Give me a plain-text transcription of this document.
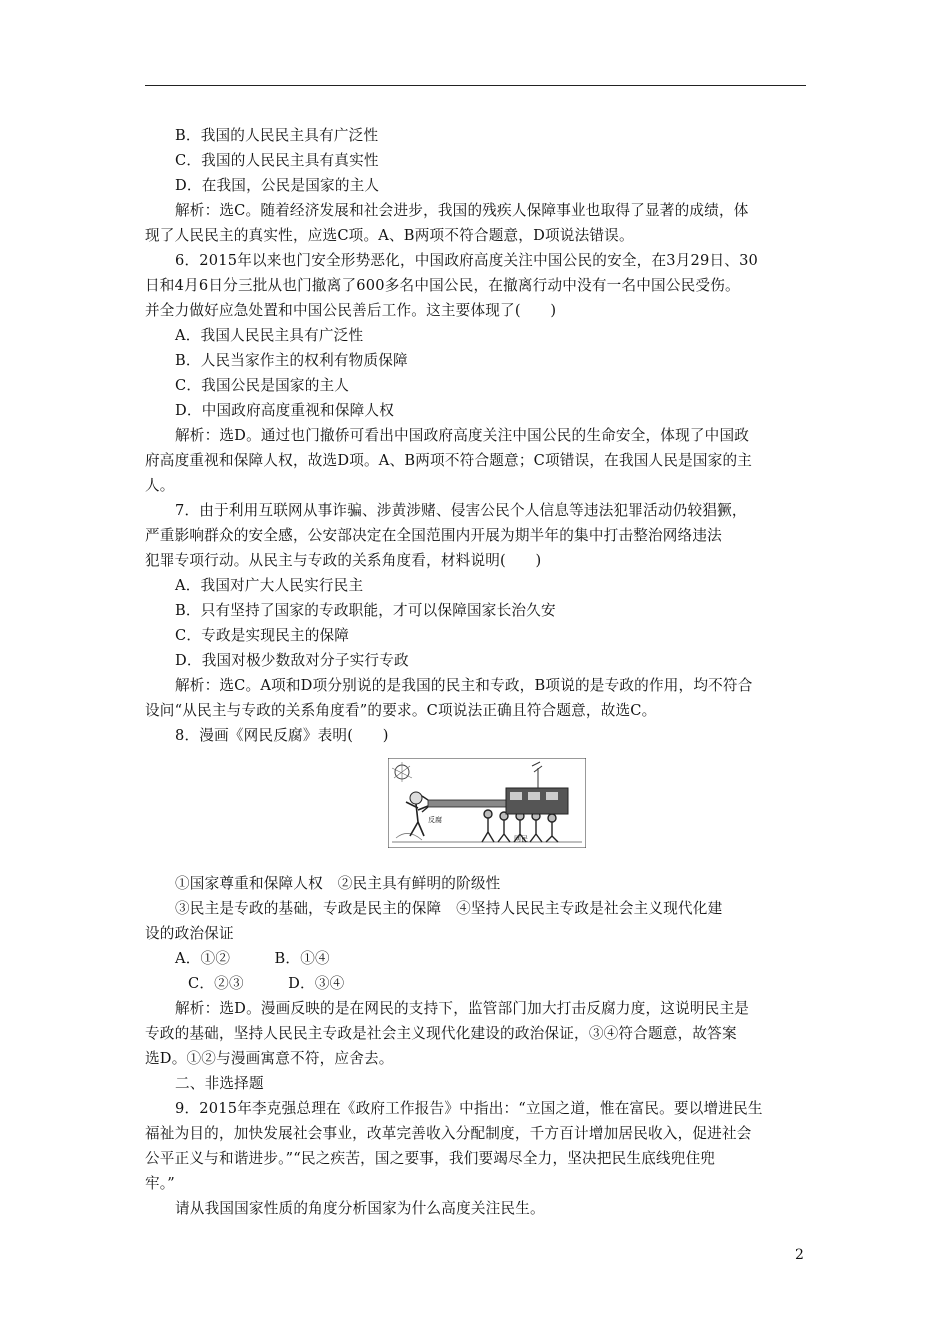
B．我国的人民民主具有广泛性
C．我国的人民民主具有真实性
D．在我国，公民是国家的主人
解析：选C。随着经济发展和社会进步，我国的残疾人保障事业也取得了显著的成绩，体
现了人民民主的真实性，应选C项。A、B两项不符合题意，D项说法错误。
6．2015年以来也门安全形势恶化，中国政府高度关注中国公民的安全，在3月29日、30
日和4月6日分三批从也门撤离了600多名中国公民，在撤离行动中没有一名中国公民受伤。
并全力做好应急处置和中国公民善后工作。这主要体现了(　　)
A．我国人民民主具有广泛性
B．人民当家作主的权利有物质保障
C．我国公民是国家的主人
D．中国政府高度重视和保障人权
解析：选D。通过也门撤侨可看出中国政府高度关注中国公民的生命安全，体现了中国政
府高度重视和保障人权，故选D项。A、B两项不符合题意；C项错误，在我国人民是国家的主
人。
7．由于利用互联网从事诈骗、涉黄涉赌、侵害公民个人信息等违法犯罪活动仍较猖獗，
严重影响群众的安全感，公安部决定在全国范围内开展为期半年的集中打击整治网络违法
犯罪专项行动。从民主与专政的关系角度看，材料说明(　　)
A．我国对广大人民实行民主
B．只有坚持了国家的专政职能，才可以保障国家长治久安
C．专政是实现民主的保障
D．我国对极少数敌对分子实行专政
解析：选C。A项和D项分别说的是我国的民主和专政，B项说的是专政的作用，均不符合
设问“从民主与专政的关系角度看”的要求。C项说法正确且符合题意，故选C。
8．漫画《网民反腐》表明(　　)
网民
反腐
①国家尊重和保障人权　②民主具有鲜明的阶级性
③民主是专政的基础，专政是民主的保障　④坚持人民民主专政是社会主义现代化建
设的政治保证
A．①②　　　B．①④
C．②③　　　D．③④
解析：选D。漫画反映的是在网民的支持下，监管部门加大打击反腐力度，这说明民主是
专政的基础，坚持人民民主专政是社会主义现代化建设的政治保证，③④符合题意，故答案
选D。①②与漫画寓意不符，应舍去。
二、非选择题
9．2015年李克强总理在《政府工作报告》中指出：“立国之道，惟在富民。要以增进民生
福祉为目的，加快发展社会事业，改革完善收入分配制度，千方百计增加居民收入，促进社会
公平正义与和谐进步。”“民之疾苦，国之要事，我们要竭尽全力，坚决把民生底线兜住兜
牢。”
请从我国国家性质的角度分析国家为什么高度关注民生。
2
